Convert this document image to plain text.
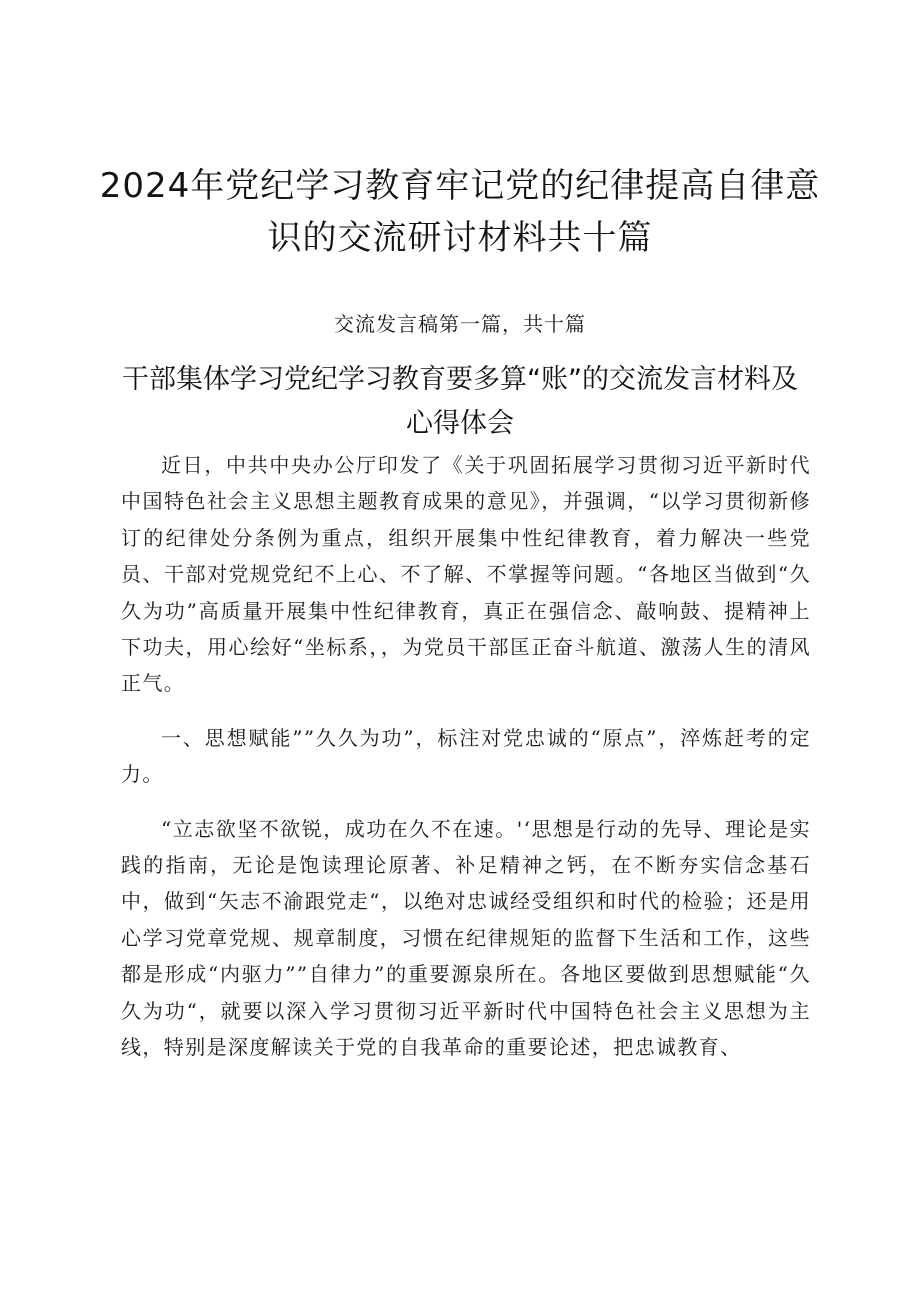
2024年党纪学习教育牢记党的纪律提高自律意识的交流研讨材料共十篇
交流发言稿第一篇，共十篇
干部集体学习党纪学习教育要多算“账”的交流发言材料及心得体会

近日，中共中央办公厅印发了《关于巩固拓展学习贯彻习近平新时代中国特色社会主义思想主题教育成果的意见》，并强调，“以学习贯彻新修订的纪律处分条例为重点，组织开展集中性纪律教育，着力解决一些党员、干部对党规党纪不上心、不了解、不掌握等问题。“各地区当做到“久久为功”高质量开展集中性纪律教育，真正在强信念、敲响鼓、提精神上下功夫，用心绘好“坐标系，，为党员干部匡正奋斗航道、激荡人生的清风正气。

一、思想赋能””久久为功”，标注对党忠诚的“原点”，淬炼赶考的定力。

“立志欲坚不欲锐，成功在久不在速。'‘思想是行动的先导、理论是实践的指南，无论是饱读理论原著、补足精神之钙，在不断夯实信念基石中，做到“矢志不渝跟党走“，以绝对忠诚经受组织和时代的检验；还是用心学习党章党规、规章制度，习惯在纪律规矩的监督下生活和工作，这些都是形成“内驱力””自律力”的重要源泉所在。各地区要做到思想赋能“久久为功“，就要以深入学习贯彻习近平新时代中国特色社会主义思想为主线，特别是深度解读关于党的自我革命的重要论述，把忠诚教育、
